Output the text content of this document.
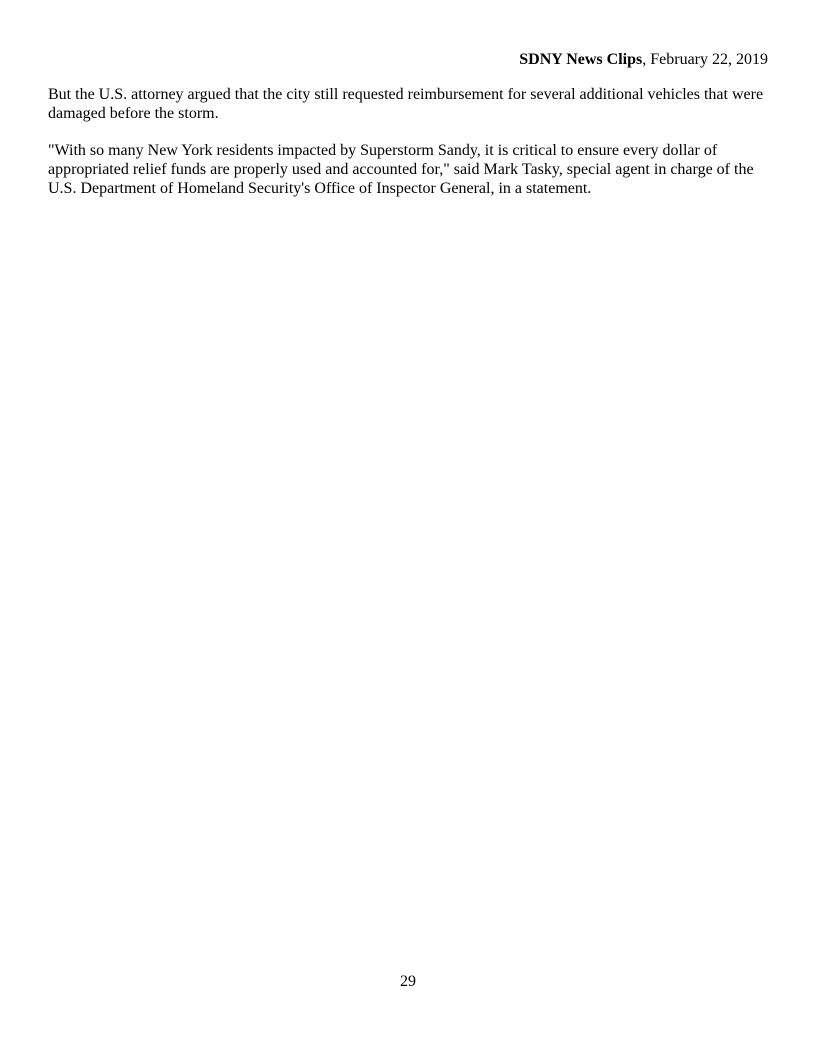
SDNY News Clips, February 22, 2019

But the U.S. attorney argued that the city still requested reimbursement for several additional vehicles that were damaged before the storm.

"With so many New York residents impacted by Superstorm Sandy, it is critical to ensure every dollar of appropriated relief funds are properly used and accounted for," said Mark Tasky, special agent in charge of the U.S. Department of Homeland Security's Office of Inspector General, in a statement.

29
